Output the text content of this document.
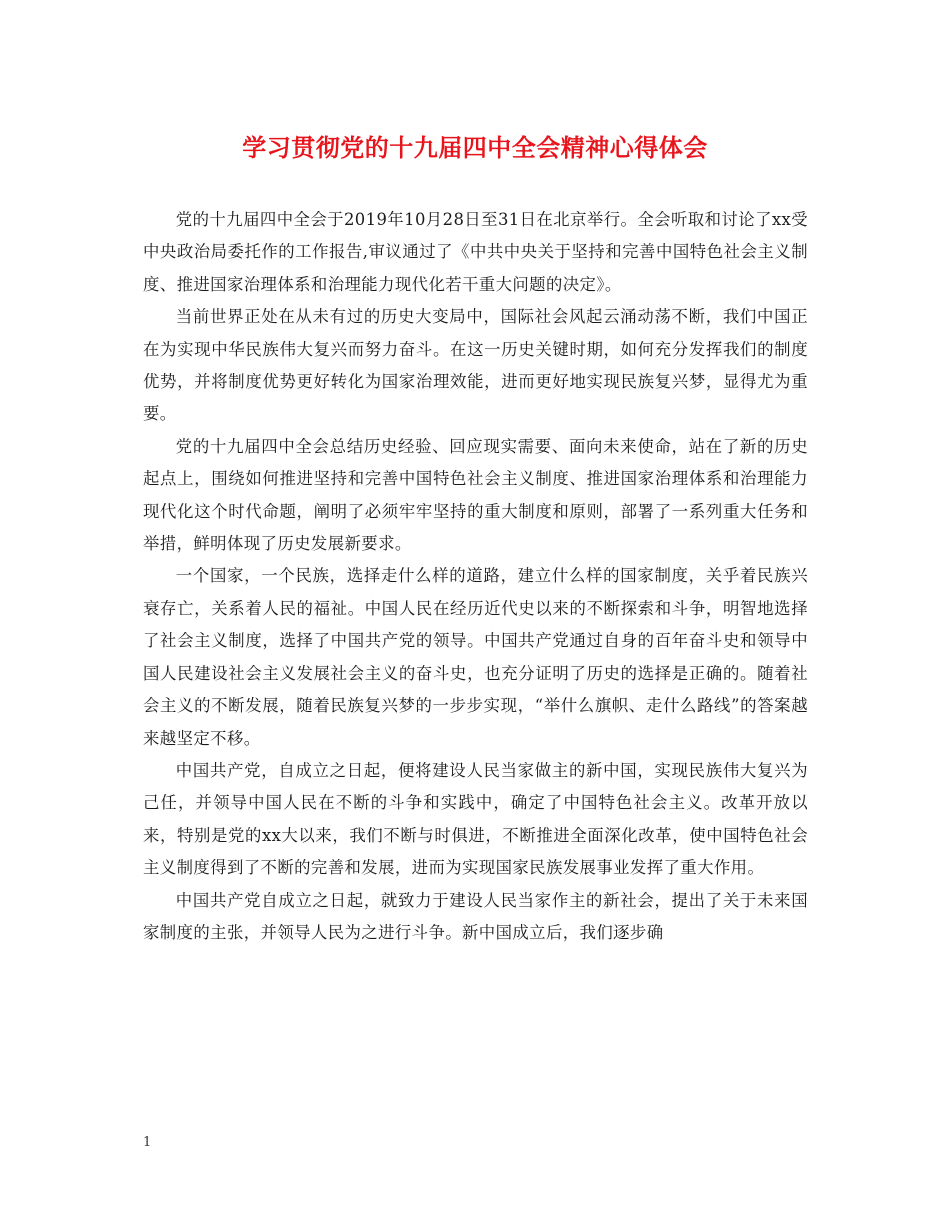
学习贯彻党的十九届四中全会精神心得体会

党的十九届四中全会于2019年10月28日至31日在北京举行。全会听取和讨论了xx受中央政治局委托作的工作报告,审议通过了《中共中央关于坚持和完善中国特色社会主义制度、推进国家治理体系和治理能力现代化若干重大问题的决定》。

当前世界正处在从未有过的历史大变局中，国际社会风起云涌动荡不断，我们中国正在为实现中华民族伟大复兴而努力奋斗。在这一历史关键时期，如何充分发挥我们的制度优势，并将制度优势更好转化为国家治理效能，进而更好地实现民族复兴梦，显得尤为重要。

党的十九届四中全会总结历史经验、回应现实需要、面向未来使命，站在了新的历史起点上，围绕如何推进坚持和完善中国特色社会主义制度、推进国家治理体系和治理能力现代化这个时代命题，阐明了必须牢牢坚持的重大制度和原则，部署了一系列重大任务和举措，鲜明体现了历史发展新要求。

一个国家，一个民族，选择走什么样的道路，建立什么样的国家制度，关乎着民族兴衰存亡，关系着人民的福祉。中国人民在经历近代史以来的不断探索和斗争，明智地选择了社会主义制度，选择了中国共产党的领导。中国共产党通过自身的百年奋斗史和领导中国人民建设社会主义发展社会主义的奋斗史，也充分证明了历史的选择是正确的。随着社会主义的不断发展，随着民族复兴梦的一步步实现，“举什么旗帜、走什么路线”的答案越来越坚定不移。

中国共产党，自成立之日起，便将建设人民当家做主的新中国，实现民族伟大复兴为己任，并领导中国人民在不断的斗争和实践中，确定了中国特色社会主义。改革开放以来，特别是党的xx大以来，我们不断与时俱进，不断推进全面深化改革，使中国特色社会主义制度得到了不断的完善和发展，进而为实现国家民族发展事业发挥了重大作用。

中国共产党自成立之日起，就致力于建设人民当家作主的新社会，提出了关于未来国家制度的主张，并领导人民为之进行斗争。新中国成立后，我们逐步确

1
